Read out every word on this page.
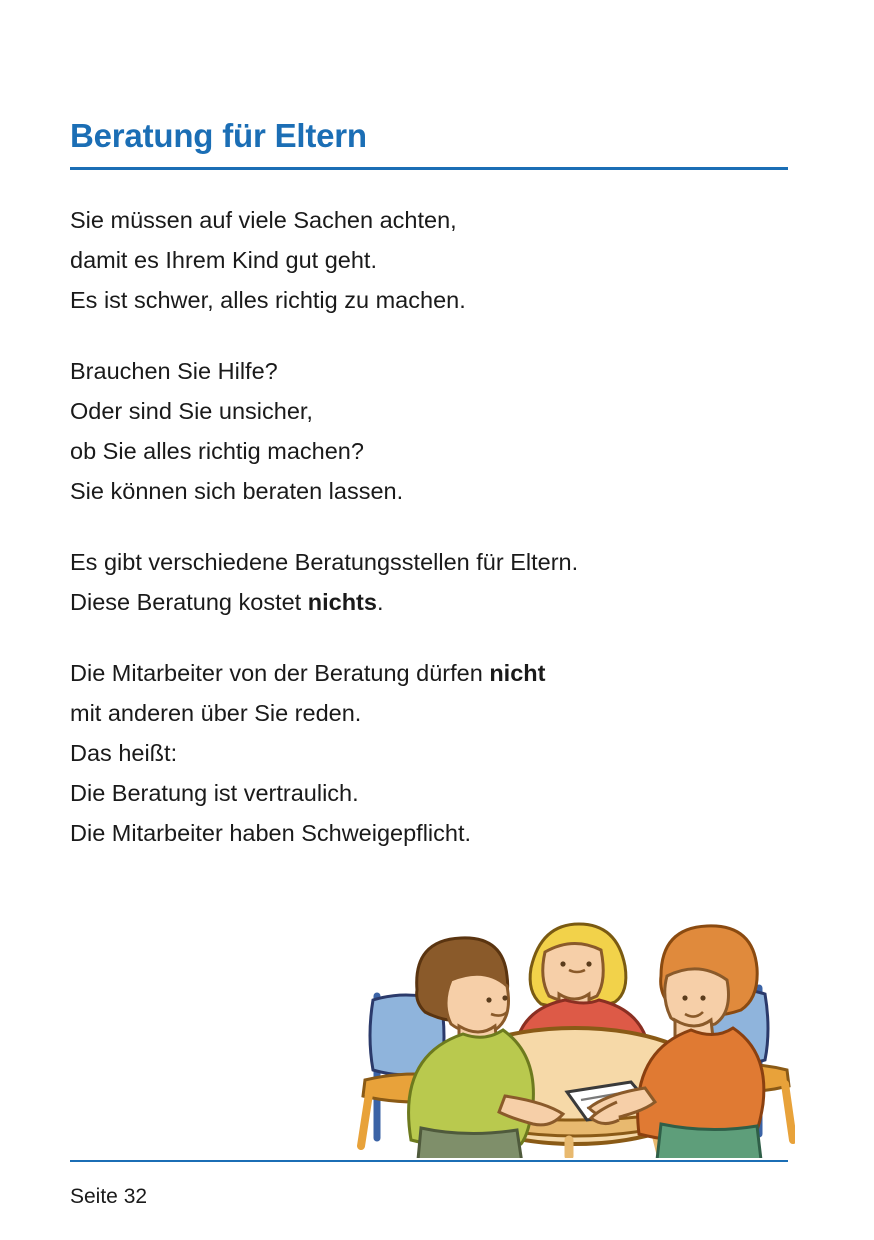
Beratung für Eltern
Sie müssen auf viele Sachen achten,
damit es Ihrem Kind gut geht.
Es ist schwer, alles richtig zu machen.
Brauchen Sie Hilfe?
Oder sind Sie unsicher,
ob Sie alles richtig machen?
Sie können sich beraten lassen.
Es gibt verschiedene Beratungsstellen für Eltern.
Diese Beratung kostet nichts.
Die Mitarbeiter von der Beratung dürfen nicht
mit anderen über Sie reden.
Das heißt:
Die Beratung ist vertraulich.
Die Mitarbeiter haben Schweigepflicht.
Seite 32
